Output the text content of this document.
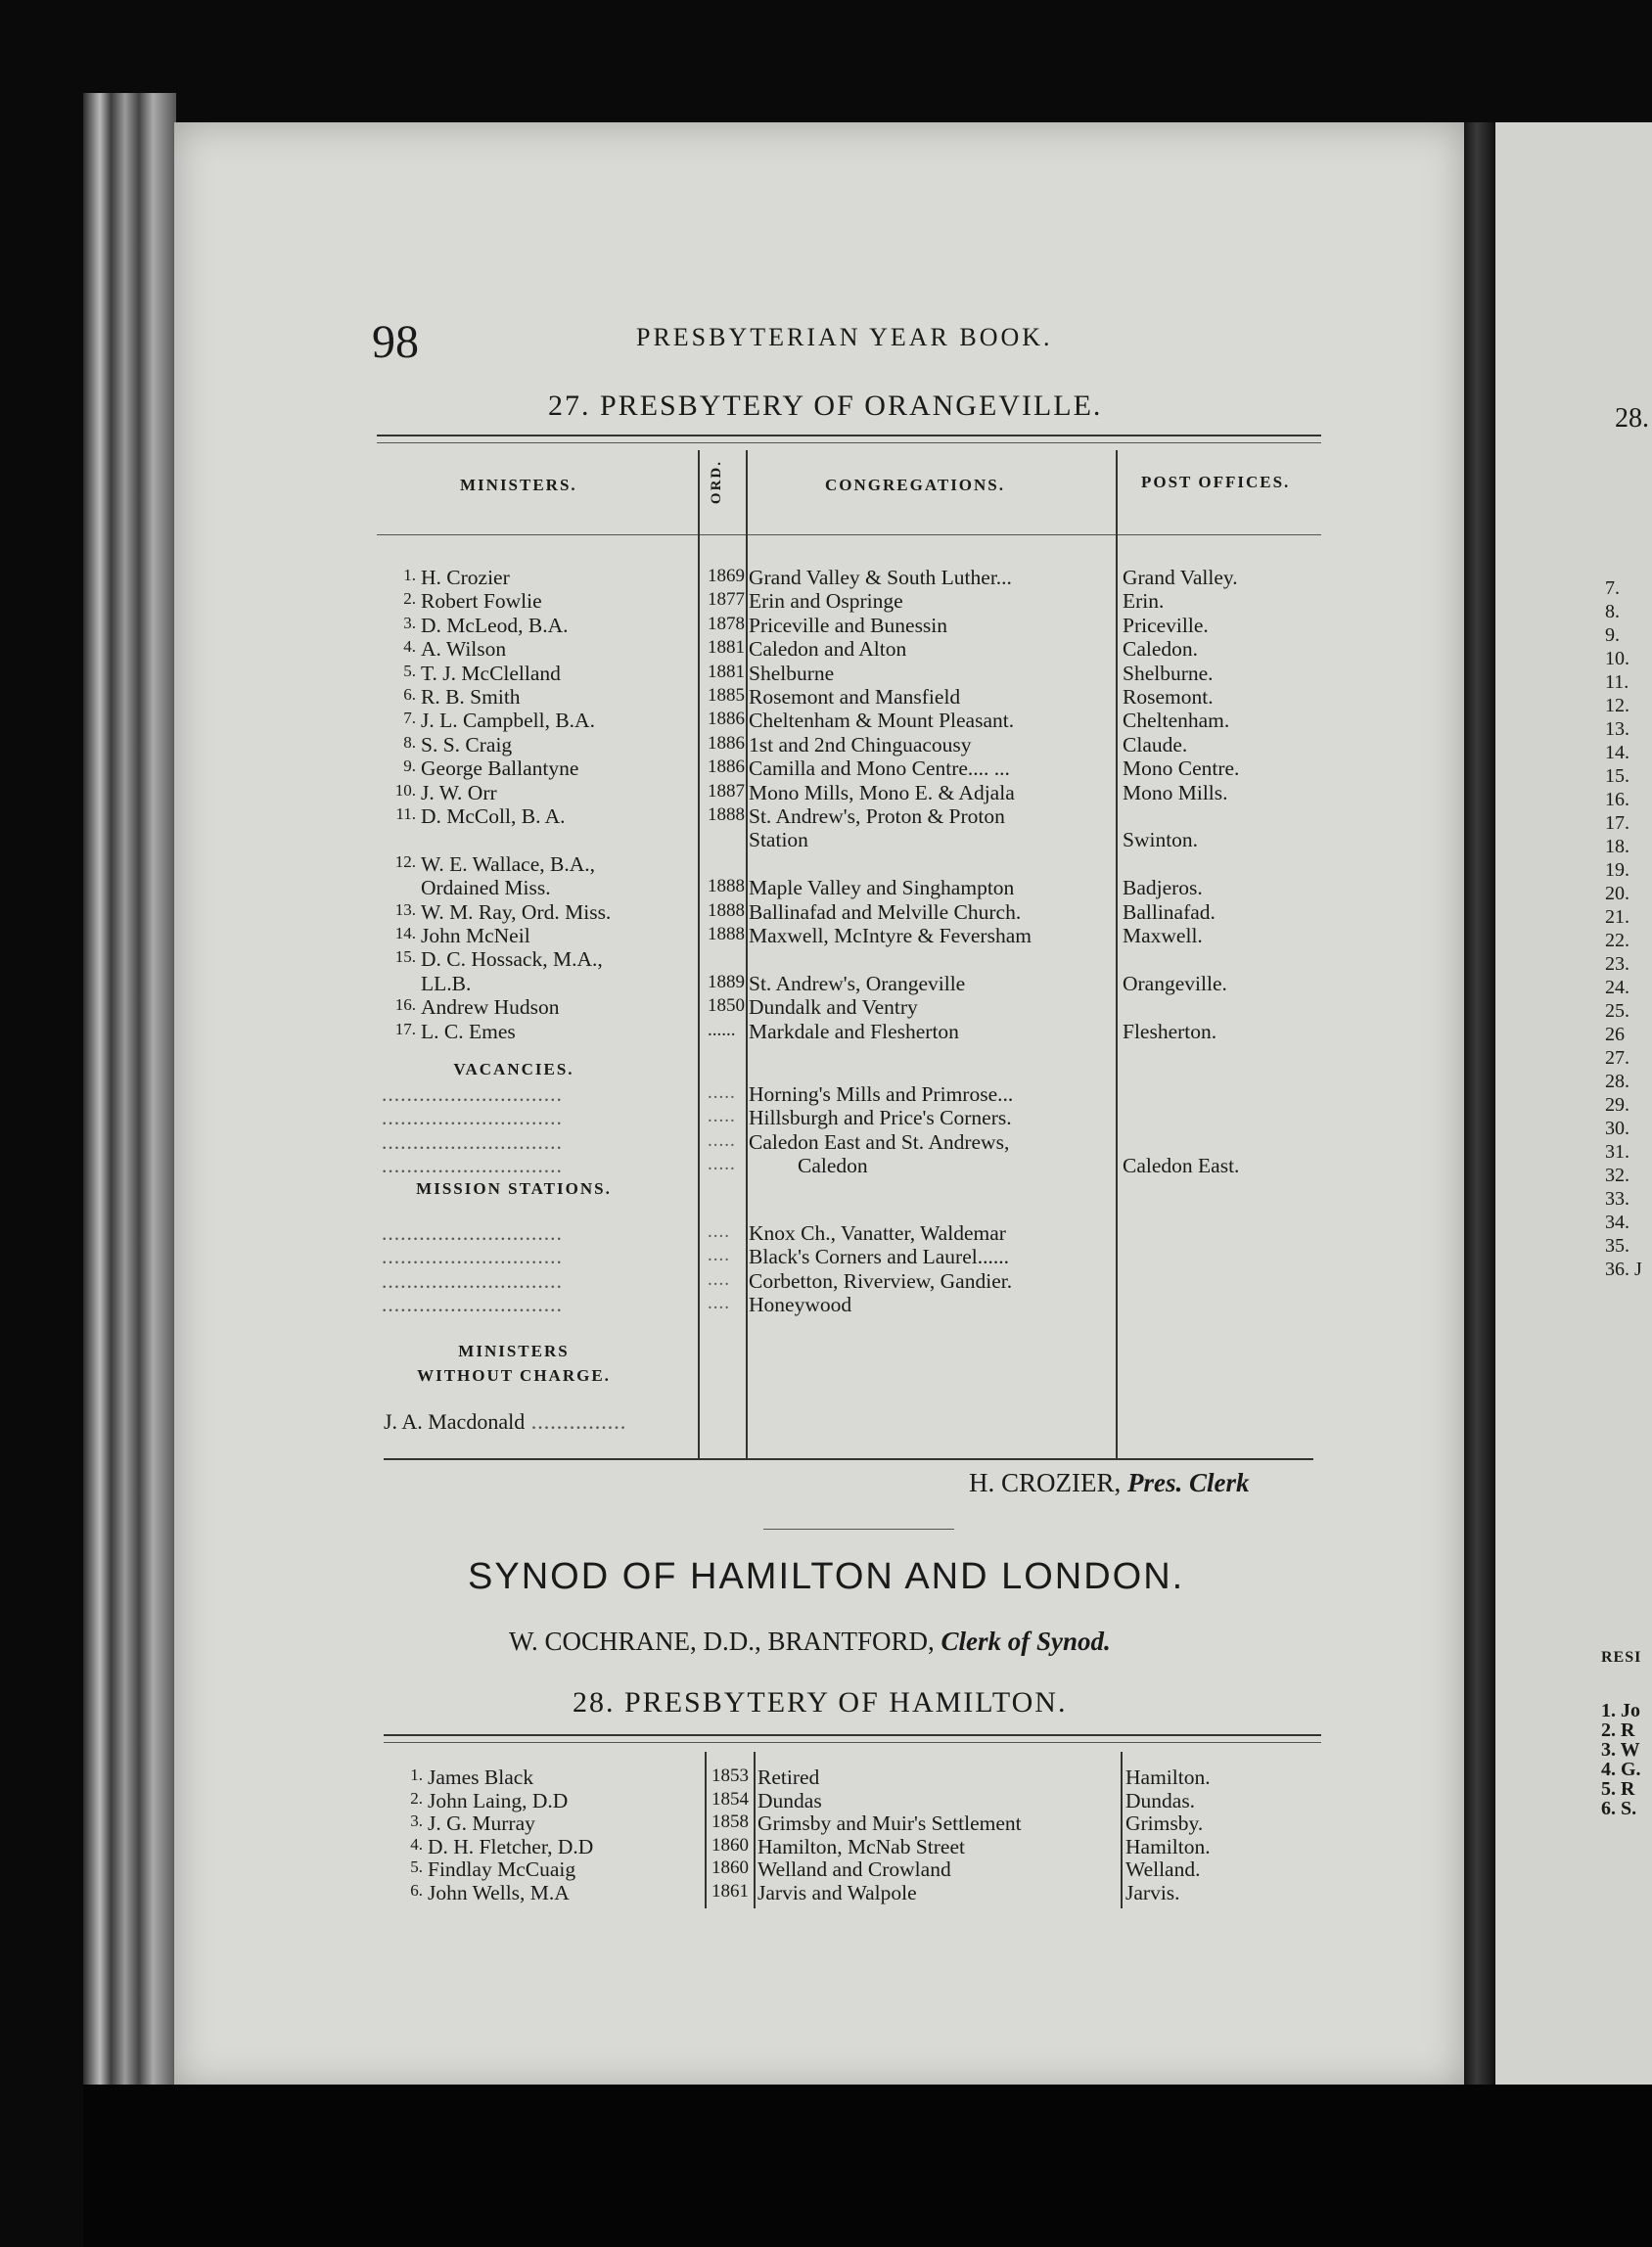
98	PRESBYTERIAN YEAR BOOK.
27. PRESBYTERY OF ORANGEVILLE.
MINISTERS.	ORD.	CONGREGATIONS.	POST OFFICES.
1. H. Crozier	1869 Grand Valley & South Luther...	Grand Valley.
2. Robert Fowlie	1877 Erin and Ospringe	Erin.
3. D. McLeod, B.A.	1878 Priceville and Bunessin	Priceville.
4. A. Wilson	1881 Caledon and Alton	Caledon.
5. T. J. McClelland	1881 Shelburne	Shelburne.
6. R. B. Smith	1885 Rosemont and Mansfield	Rosemont.
7. J. L. Campbell, B.A.	1886 Cheltenham & Mount Pleasant.	Cheltenham.
8. S. S. Craig	1886 1st and 2nd Chinguacousy	Claude.
9. George Ballantyne	1886 Camilla and Mono Centre.... ...	Mono Centre.
10. J. W. Orr	1887 Mono Mills, Mono E. & Adjala	Mono Mills.
11. D. McColl, B. A.	1888 St. Andrew's, Proton & Proton
Station	Swinton.
12. W. E. Wallace, B.A.,
Ordained Miss.	1888 Maple Valley and Singhampton	Badjeros.
13. W. M. Ray, Ord. Miss.	1888 Ballinafad and Melville Church.	Ballinafad.
14. John McNeil	1888 Maxwell, McIntyre & Feversham	Maxwell.
15. D. C. Hossack, M.A.,
LL.B.	1889 St. Andrew's, Orangeville	Orangeville.
16. Andrew Hudson	1850 Dundalk and Ventry
17. L. C. Emes	...... Markdale and Flesherton	Flesherton.
VACANCIES.
.............................	..... Horning's Mills and Primrose...
.............................	..... Hillsburgh and Price's Corners.
.............................	..... Caledon East and St. Andrews,
.............................	.....	Caledon	Caledon East.
MISSION STATIONS.
.............................	.... Knox Ch., Vanatter, Waldemar
.............................	.... Black's Corners and Laurel......
.............................	.... Corbetton, Riverview, Gandier.
.............................	.... Honeywood
MINISTERS
WITHOUT CHARGE.
J. A. Macdonald ...............
H. CROZIER, Pres. Clerk
SYNOD OF HAMILTON AND LONDON.
W. COCHRANE, D.D., BRANTFORD, Clerk of Synod.
28. PRESBYTERY OF HAMILTON.
1. James Black	1853 Retired	Hamilton.
2. John Laing, D.D	1854 Dundas	Dundas.
3. J. G. Murray	1858 Grimsby and Muir's Settlement	Grimsby.
4. D. H. Fletcher, D.D	1860 Hamilton, McNab Street	Hamilton.
5. Findlay McCuaig	1860 Welland and Crowland	Welland.
6. John Wells, M.A	1861 Jarvis and Walpole	Jarvis.
28.
7.
8.
9.
10.
11.
12.
13.
14.
15.
16.
17.
18.
19.
20.
21.
22.
23.
24.
25.
26
27.
28.
29.
30.
31.
32.
33.
34.
35.
36. J
RESI
1. Jo
2. R
3. W
4. G.
5. R
6. S.
